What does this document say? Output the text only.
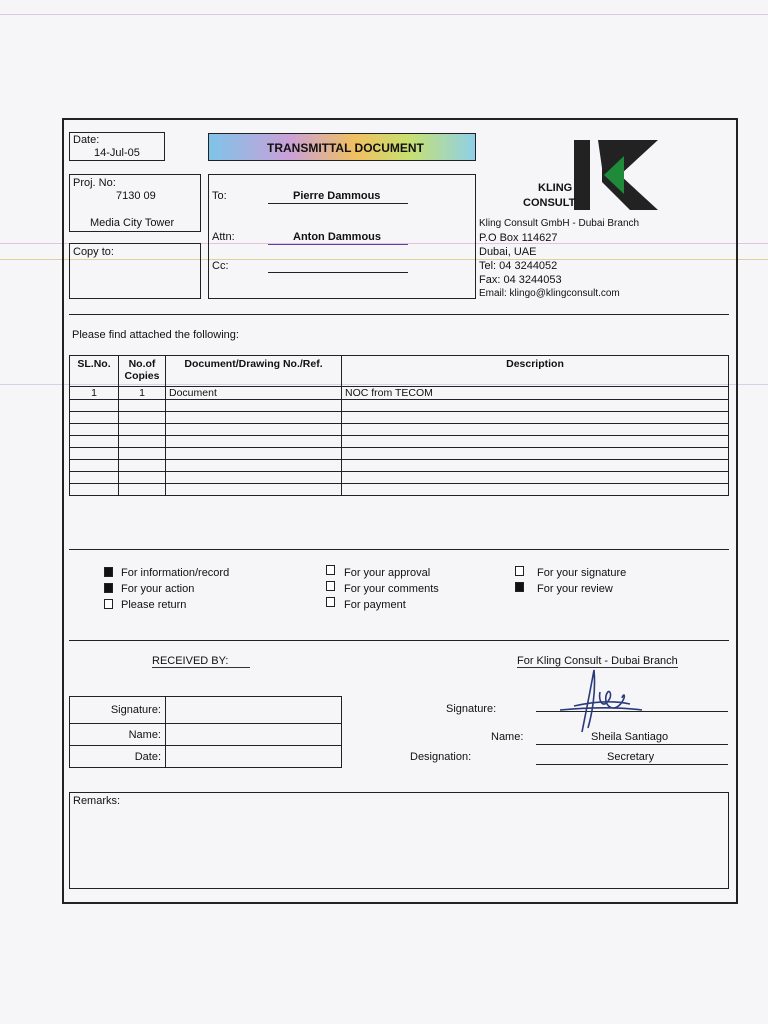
Date:
14-Jul-05	TRANSMITTAL DOCUMENT
Proj. No:
7130 09
Media City Tower
Copy to:
To:	Pierre Dammous
Attn:	Anton Dammous
Cc:
KLING
CONSULT
Kling Consult GmbH - Dubai Branch
P.O Box 114627
Dubai, UAE
Tel: 04 3244052
Fax: 04 3244053
Email: klingo@klingconsult.com
Please find attached the following:
SL.No.	No.of Copies	Document/Drawing No./Ref.	Description
1	1	Document	NOC from TECOM

For information/record
For your action
Please return
For your approval
For your comments
For payment
For your signature
For your review
RECEIVED BY:
Signature:	
Name:	
Date:	
For Kling Consult - Dubai Branch
Signature:
Name:	Sheila Santiago
Designation:	Secretary
Remarks:
